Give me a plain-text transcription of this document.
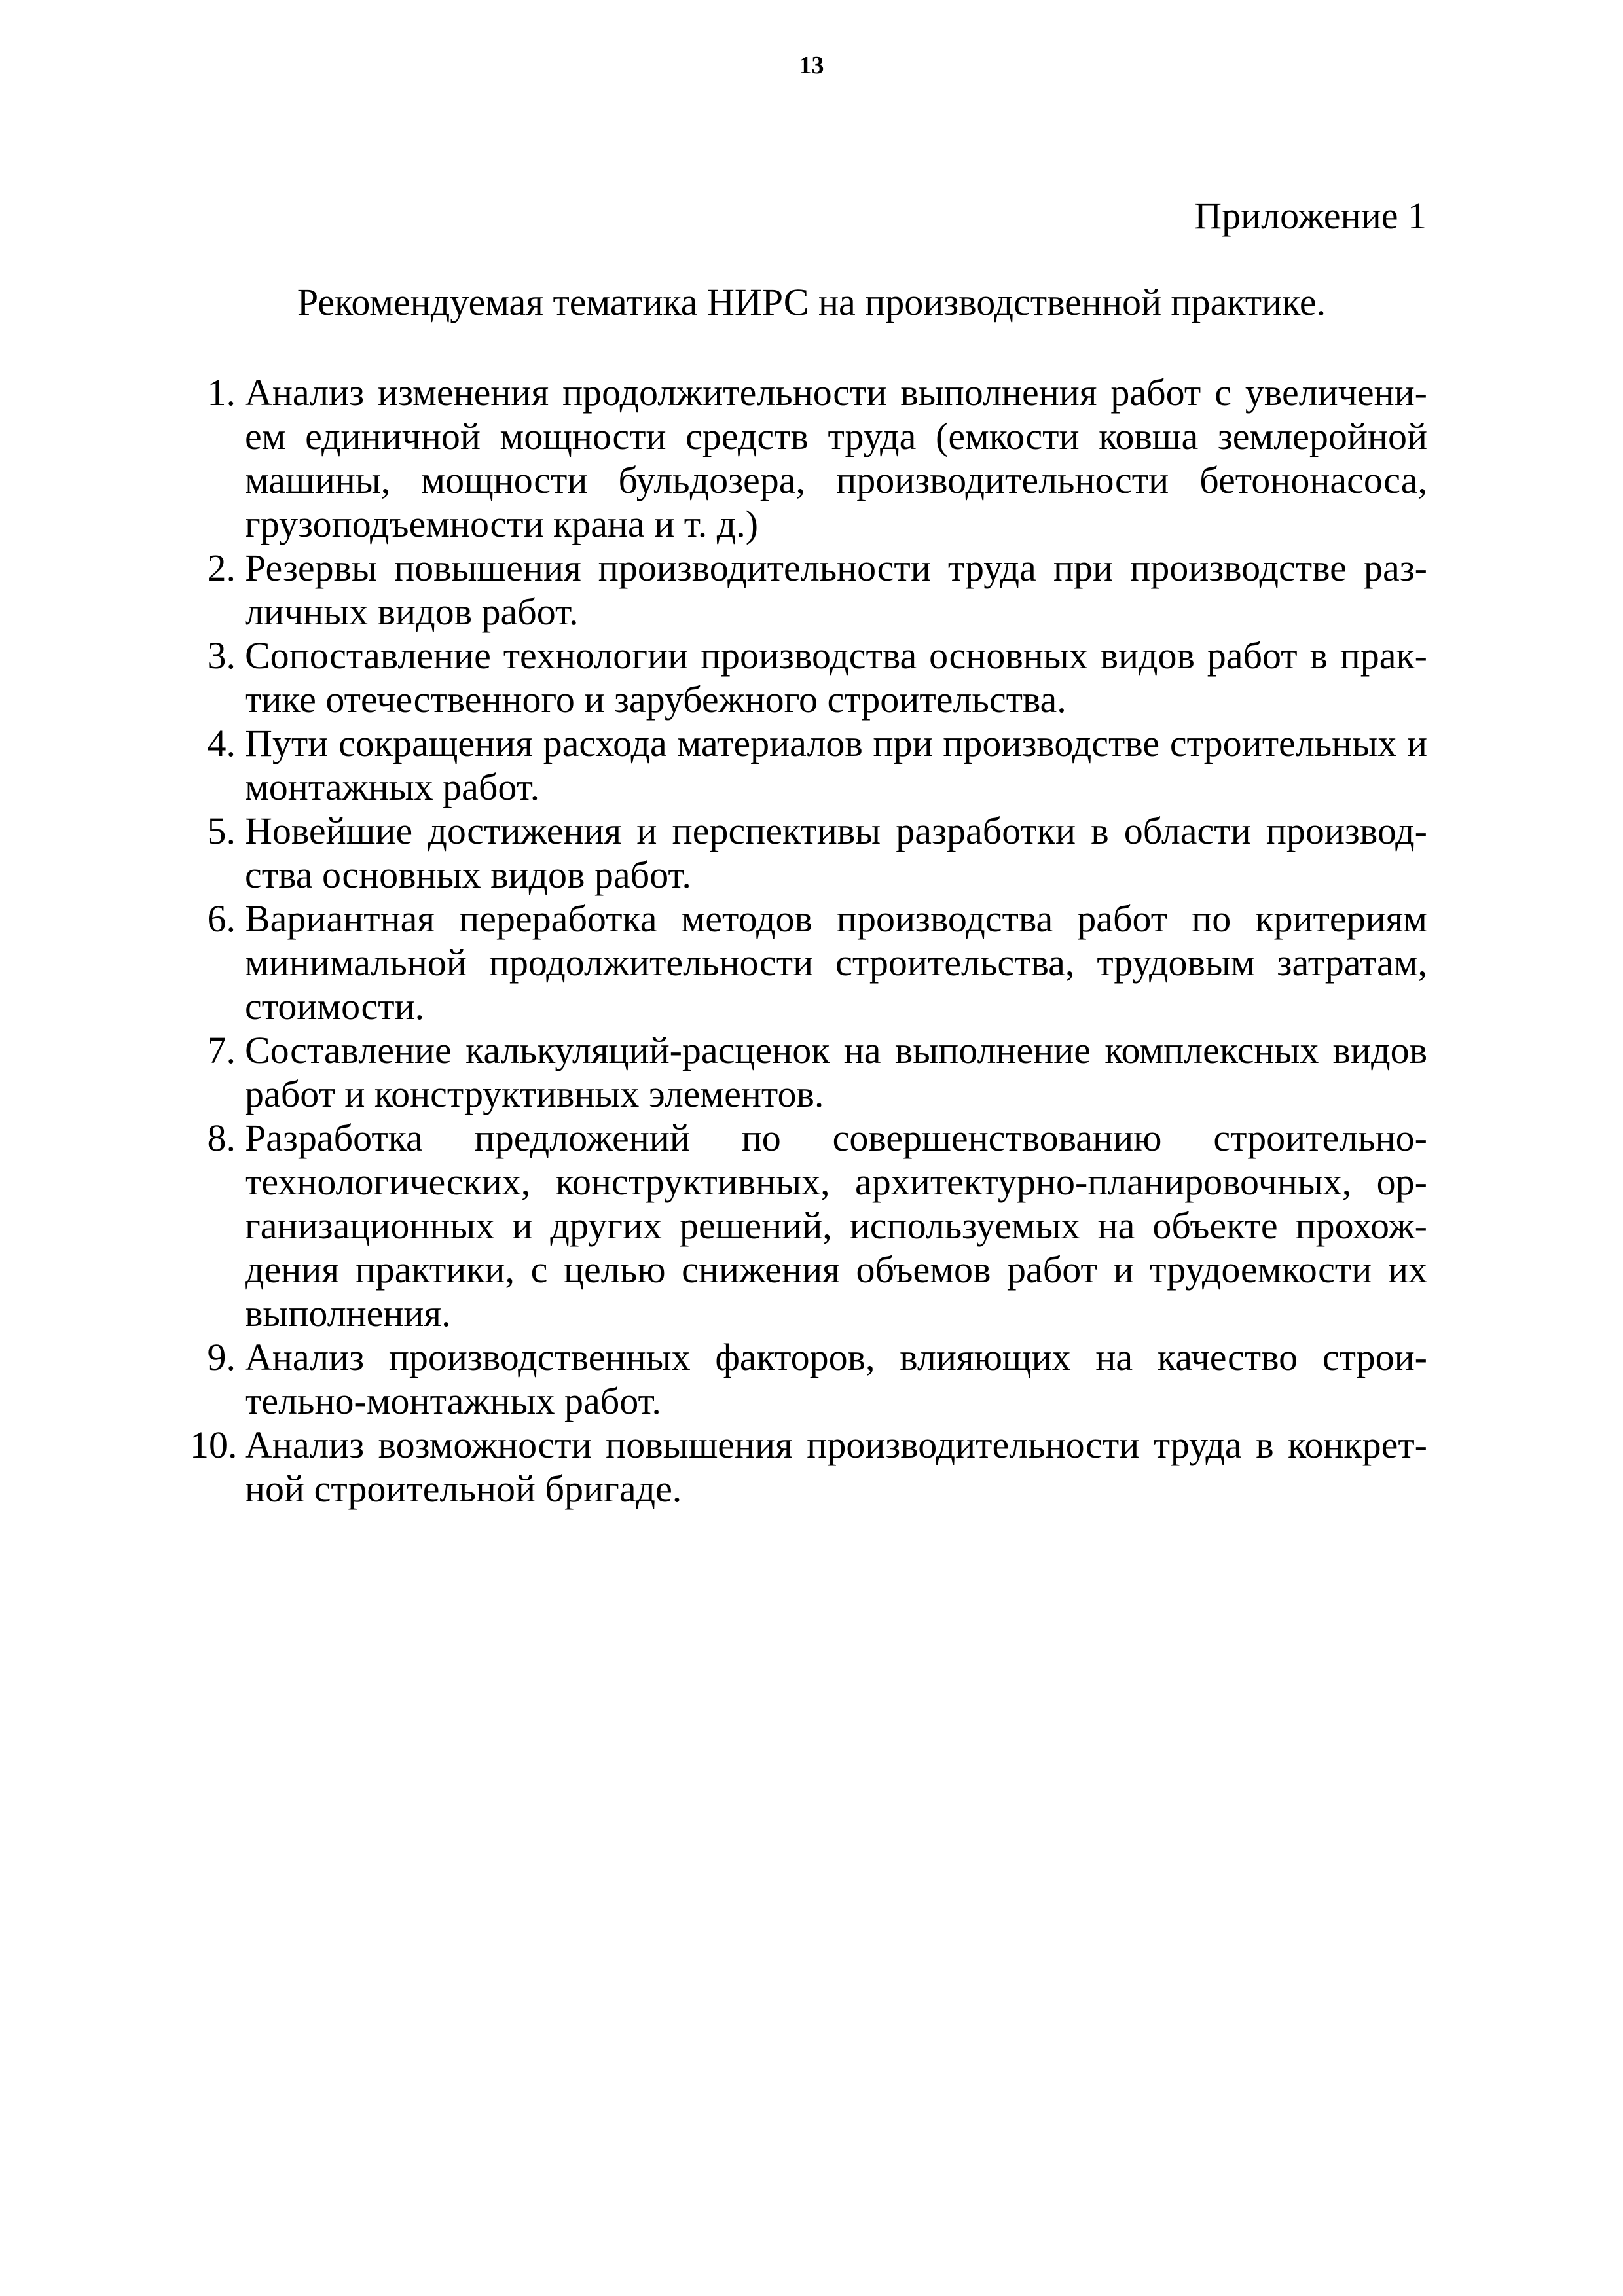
13
Приложение 1
Рекомендуемая тематика НИРС на производственной практике.
1. Анализ изменения продолжительности выполнения работ с увеличением единичной мощности средств труда (емкости ковша землеройной машины, мощности бульдозера, производительности бетононасоса, грузоподъемности крана и т. д.)
2. Резервы повышения производительности труда при производстве различных видов работ.
3. Сопоставление технологии производства основных видов работ в практике отечественного и зарубежного строительства.
4. Пути сокращения расхода материалов при производстве строительных и монтажных работ.
5. Новейшие достижения и перспективы разработки в области производства основных видов работ.
6. Вариантная переработка методов производства работ по критериям минимальной продолжительности строительства, трудовым затратам, стоимости.
7. Составление калькуляций-расценок на выполнение комплексных видов работ и конструктивных элементов.
8. Разработка предложений по совершенствованию строительно-технологических, конструктивных, архитектурно-планировочных, организационных и других решений, используемых на объекте прохождения практики, с целью снижения объемов работ и трудоемкости их выполнения.
9. Анализ производственных факторов, влияющих на качество строительно-монтажных работ.
10. Анализ возможности повышения производительности труда в конкретной строительной бригаде.
